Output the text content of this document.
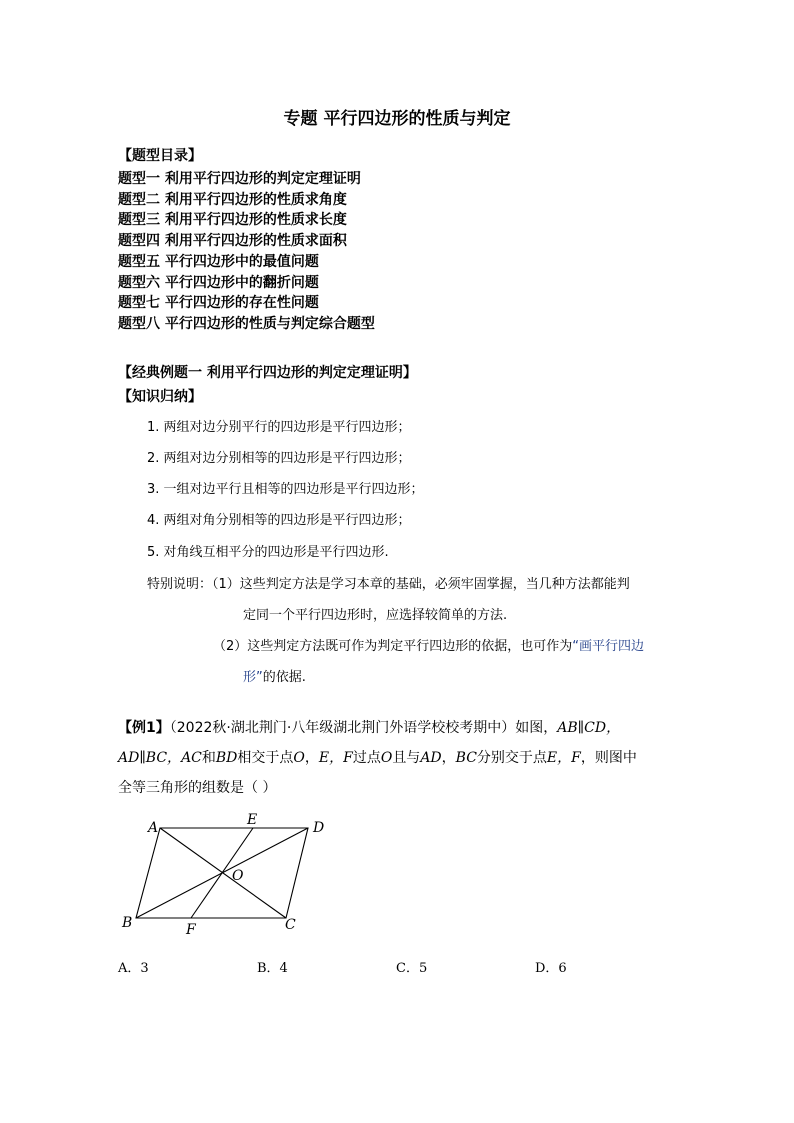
专题 平行四边形的性质与判定
【题型目录】
题型一 利用平行四边形的判定定理证明
题型二 利用平行四边形的性质求角度
题型三 利用平行四边形的性质求长度
题型四 利用平行四边形的性质求面积
题型五 平行四边形中的最值问题
题型六 平行四边形中的翻折问题
题型七 平行四边形的存在性问题
题型八 平行四边形的性质与判定综合题型
【经典例题一 利用平行四边形的判定定理证明】
【知识归纳】
1. 两组对边分别平行的四边形是平行四边形；
2. 两组对边分别相等的四边形是平行四边形；
3. 一组对边平行且相等的四边形是平行四边形；
4. 两组对角分别相等的四边形是平行四边形；
5. 对角线互相平分的四边形是平行四边形.
特别说明：（1）这些判定方法是学习本章的基础，必须牢固掌握，当几种方法都能判
定同一个平行四边形时，应选择较简单的方法.
（2）这些判定方法既可作为判定平行四边形的依据，也可作为“画平行四边
形”的依据.
【例1】（2022秋·湖北荆门·八年级湖北荆门外语学校校考期中）如图，AB∥CD，
AD∥BC，AC和BD相交于点O，E，F过点O且与AD，BC分别交于点E，F，则图中
全等三角形的组数是（ ）
A	E	D
O
B	F	C
A．3	B．4	C．5	D．6
